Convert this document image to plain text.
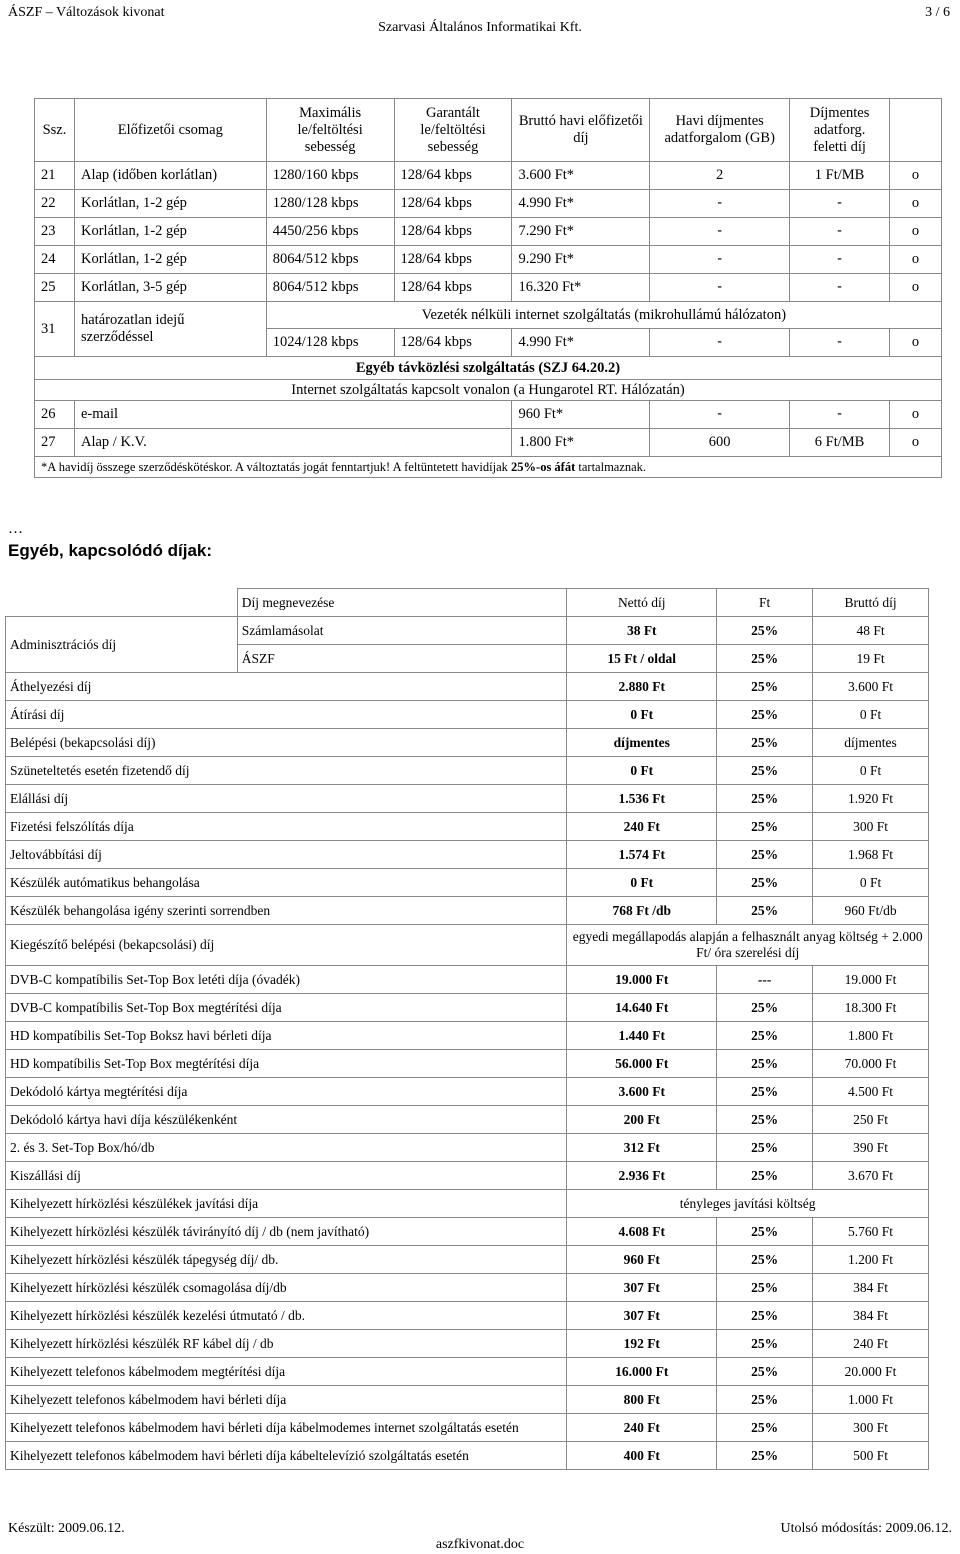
ÁSZF – Változások kivonat
Szarvasi Általános Informatikai Kft.
3 / 6
Ssz.	Előfizetői csomag	Maximális le/feltöltési sebesség	Garantált le/feltöltési sebesség	Bruttó havi előfizetői díj	Havi díjmentes adatforgalom (GB)	Díjmentes adatforg. feletti díj	
21	Alap (időben korlátlan)	1280/160 kbps	128/64 kbps	3.600 Ft*	2	1 Ft/MB	o
22	Korlátlan, 1-2 gép	1280/128 kbps	128/64 kbps	4.990 Ft*	-	-	o
23	Korlátlan, 1-2 gép	4450/256 kbps	128/64 kbps	7.290 Ft*	-	-	o
24	Korlátlan, 1-2 gép	8064/512 kbps	128/64 kbps	9.290 Ft*	-	-	o
25	Korlátlan, 3-5 gép	8064/512 kbps	128/64 kbps	16.320 Ft*	-	-	o
31	határozatlan idejű szerződéssel	Vezeték nélküli internet szolgáltatás (mikrohullámú hálózaton)					
		1024/128 kbps	128/64 kbps	4.990 Ft*	-	-	o
Egyéb távközlési szolgáltatás (SZJ 64.20.2)							
Internet szolgáltatás kapcsolt vonalon (a Hungarotel RT. Hálózatán)							
26	e-mail			960 Ft*	-	-	o
27	Alap / K.V.			1.800 Ft*	600	6 Ft/MB	o
*A havidíj összege szerződéskötéskor. A változtatás jogát fenntartjuk! A feltüntetett havidíjak 25%-os áfát tartalmaznak.							
…
Egyéb, kapcsolódó díjak:
	Díj megnevezése	Nettó díj	Ft	Bruttó díj
Adminisztrációs díj	Számlamásolat	38 Ft	25%	48 Ft
	ÁSZF	15 Ft / oldal	25%	19 Ft
Áthelyezési díj		2.880 Ft	25%	3.600 Ft
Átírási díj		0 Ft	25%	0 Ft
Belépési (bekapcsolási díj)		díjmentes	25%	díjmentes
Szüneteltetés esetén fizetendő díj		0 Ft	25%	0 Ft
Elállási díj		1.536 Ft	25%	1.920 Ft
Fizetési felszólítás díja		240 Ft	25%	300 Ft
Jeltovábbítási díj		1.574 Ft	25%	1.968 Ft
Készülék autómatikus behangolása		0 Ft	25%	0 Ft
Készülék behangolása igény szerinti sorrendben		768 Ft /db	25%	960 Ft/db
Kiegészítő belépési (bekapcsolási) díj		egyedi megállapodás alapján a felhasznált anyag költség + 2.000 Ft/ óra szerelési díj		
DVB-C kompatíbilis Set-Top Box letéti díja (óvadék)		19.000 Ft	---	19.000 Ft
DVB-C kompatíbilis Set-Top Box megtérítési díja		14.640 Ft	25%	18.300 Ft
HD kompatíbilis Set-Top Boksz havi bérleti díja		1.440 Ft	25%	1.800 Ft
HD kompatíbilis Set-Top Box megtérítési díja		56.000 Ft	25%	70.000 Ft
Dekódoló kártya megtérítési díja		3.600 Ft	25%	4.500 Ft
Dekódoló kártya havi díja készülékenként		200 Ft	25%	250 Ft
2. és 3. Set-Top Box/hó/db		312 Ft	25%	390 Ft
Kiszállási díj		2.936 Ft	25%	3.670 Ft
Kihelyezett hírközlési készülékek javítási díja		tényleges javítási költség		
Kihelyezett hírközlési készülék távirányító díj / db (nem javítható)		4.608 Ft	25%	5.760 Ft
Kihelyezett hírközlési készülék tápegység díj/ db.		960 Ft	25%	1.200 Ft
Kihelyezett hírközlési készülék csomagolása díj/db		307 Ft	25%	384 Ft
Kihelyezett hírközlési készülék kezelési útmutató / db.		307 Ft	25%	384 Ft
Kihelyezett hírközlési készülék RF kábel díj / db		192 Ft	25%	240 Ft
Kihelyezett telefonos kábelmodem megtérítési díja		16.000 Ft	25%	20.000 Ft
Kihelyezett telefonos kábelmodem havi bérleti díja		800 Ft	25%	1.000 Ft
Kihelyezett telefonos kábelmodem havi bérleti díja kábelmodemes internet szolgáltatás esetén		240 Ft	25%	300 Ft
Kihelyezett telefonos kábelmodem havi bérleti díja kábeltelevízió szolgáltatás esetén		400 Ft	25%	500 Ft
Készült: 2009.06.12.
aszfkivonat.doc
Utolsó módosítás: 2009.06.12.
